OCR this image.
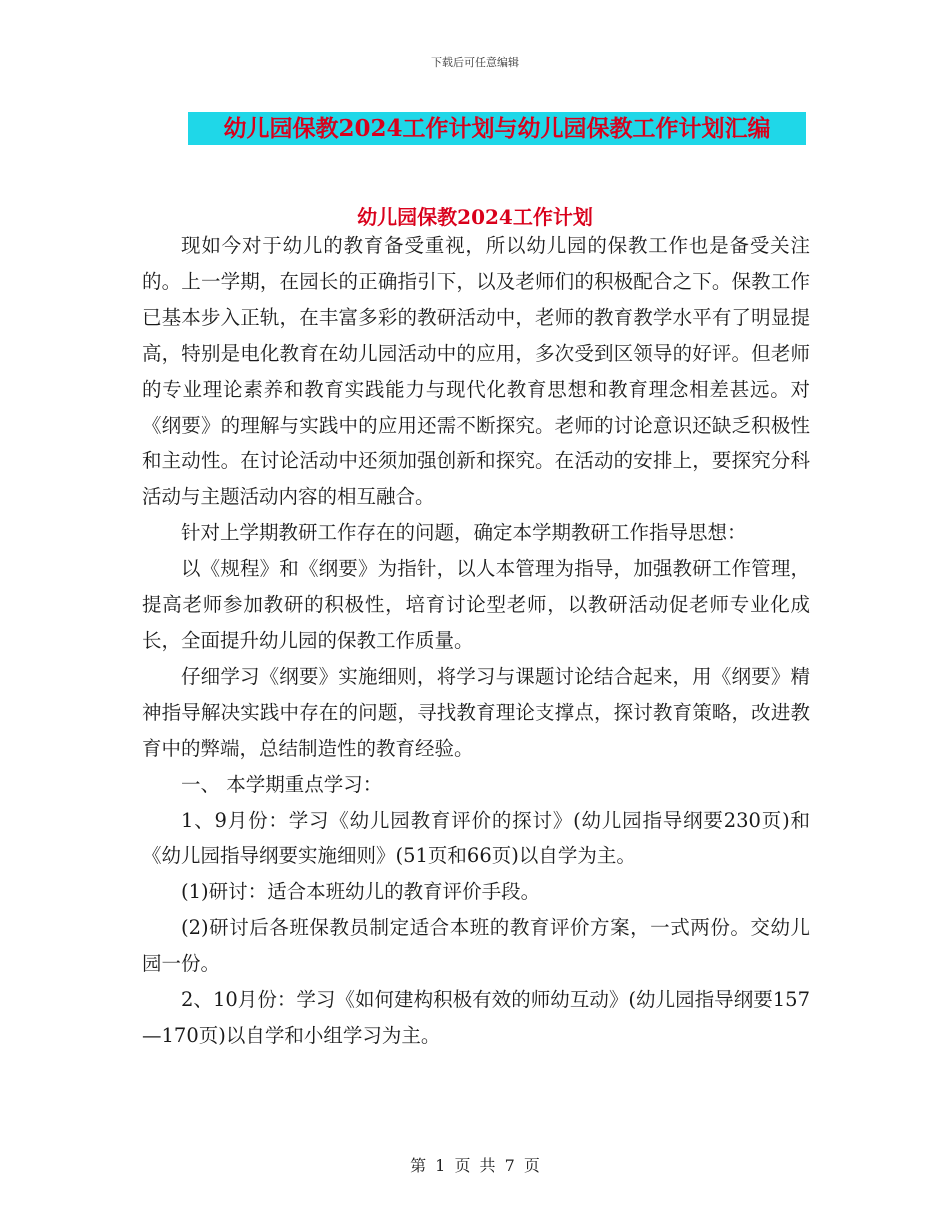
下载后可任意编辑
幼儿园保教2024工作计划与幼儿园保教工作计划汇编
幼儿园保教2024工作计划

现如今对于幼儿的教育备受重视，所以幼儿园的保教工作也是备受关注的。上一学期，在园长的正确指引下，以及老师们的积极配合之下。保教工作已基本步入正轨，在丰富多彩的教研活动中，老师的教育教学水平有了明显提高，特别是电化教育在幼儿园活动中的应用，多次受到区领导的好评。但老师的专业理论素养和教育实践能力与现代化教育思想和教育理念相差甚远。对《纲要》的理解与实践中的应用还需不断探究。老师的讨论意识还缺乏积极性和主动性。在讨论活动中还须加强创新和探究。在活动的安排上，要探究分科活动与主题活动内容的相互融合。

针对上学期教研工作存在的问题，确定本学期教研工作指导思想：

以《规程》和《纲要》为指针，以人本管理为指导，加强教研工作管理，提高老师参加教研的积极性，培育讨论型老师，以教研活动促老师专业化成长，全面提升幼儿园的保教工作质量。

仔细学习《纲要》实施细则，将学习与课题讨论结合起来，用《纲要》精神指导解决实践中存在的问题，寻找教育理论支撑点，探讨教育策略，改进教育中的弊端，总结制造性的教育经验。

一、 本学期重点学习：

1、9月份：学习《幼儿园教育评价的探讨》(幼儿园指导纲要230页)和《幼儿园指导纲要实施细则》(51页和66页)以自学为主。

(1)研讨：适合本班幼儿的教育评价手段。

(2)研讨后各班保教员制定适合本班的教育评价方案，一式两份。交幼儿园一份。

2、10月份：学习《如何建构积极有效的师幼互动》(幼儿园指导纲要157—170页)以自学和小组学习为主。

第 1 页 共 7 页
